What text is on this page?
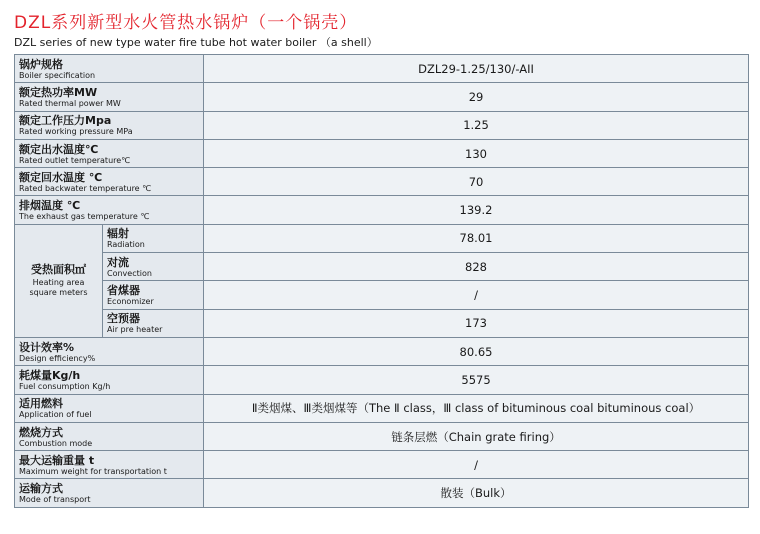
DZL系列新型水火管热水锅炉（一个锅壳）
DZL series of new type water fire tube hot water boiler （a shell）
锅炉规格
Boiler specification		DZL29-1.25/130/-AII

额定热功率MW
Rated thermal power MW		29

额定工作压力Mpa
Rated working pressure MPa		1.25

额定出水温度℃
Rated outlet temperature℃		130

额定回水温度 ℃
Rated backwater temperature ℃		70

排烟温度 ℃
The exhaust gas temperature ℃		139.2

受热面积㎡
Heating area
square meters	辐射
Radiation	78.01

	对流
Convection	828

	省煤器
Economizer	/

	空预器
Air pre heater	173

设计效率%
Design efficiency%		80.65

耗煤量Kg/h
Fuel consumption Kg/h		5575

适用燃料
Application of fuel		Ⅱ类烟煤、Ⅲ类烟煤等（The Ⅱ class，Ⅲ class of bituminous coal bituminous coal）

燃烧方式
Combustion mode		链条层燃（Chain grate firing）

最大运输重量 t
Maximum weight for transportation t		/

运输方式
Mode of transport		散装（Bulk）
